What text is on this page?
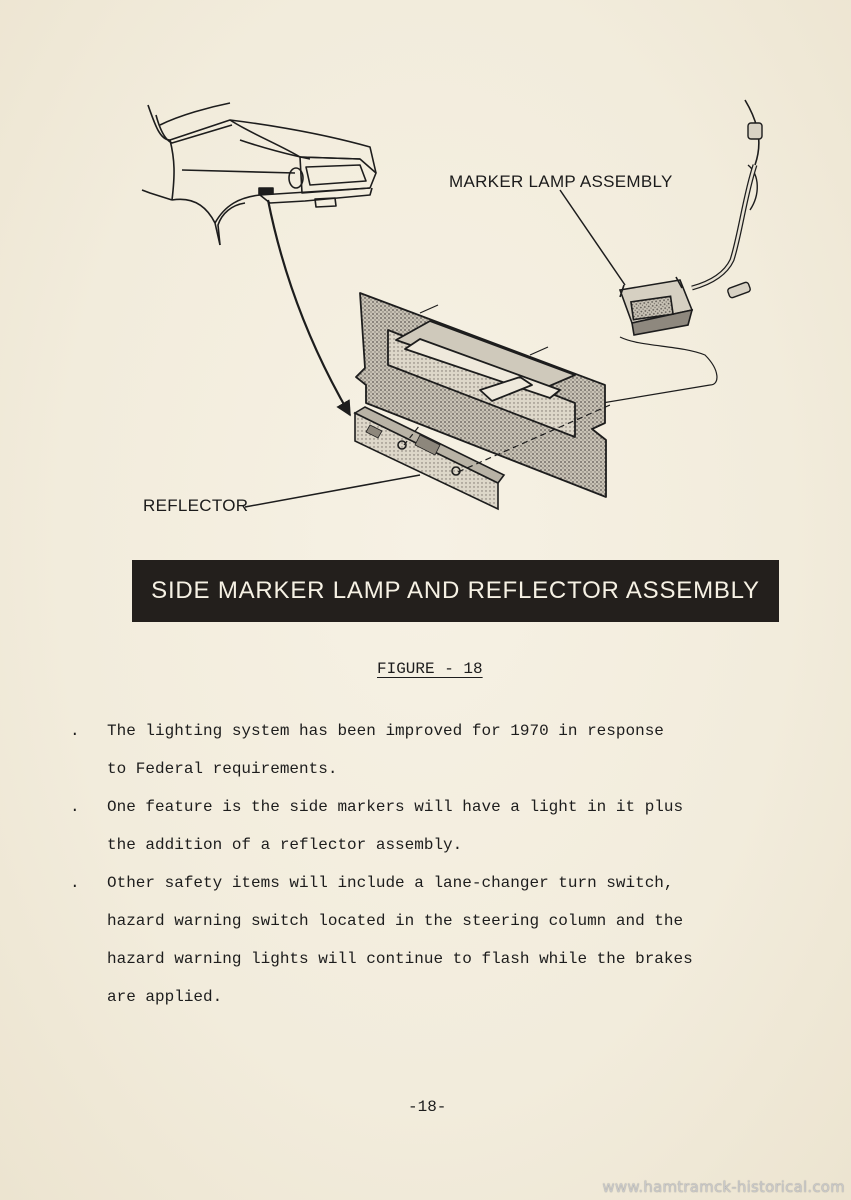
MARKER LAMP ASSEMBLY
REFLECTOR
SIDE MARKER LAMP AND REFLECTOR ASSEMBLY
FIGURE - 18
. The lighting system has been improved for 1970 in response
to Federal requirements.
. One feature is the side markers will have a light in it plus
the addition of a reflector assembly.
. Other safety items will include a lane-changer turn switch,
hazard warning switch located in the steering column and the
hazard warning lights will continue to flash while the brakes
are applied.
-18-
www.hamtramck-historical.com
